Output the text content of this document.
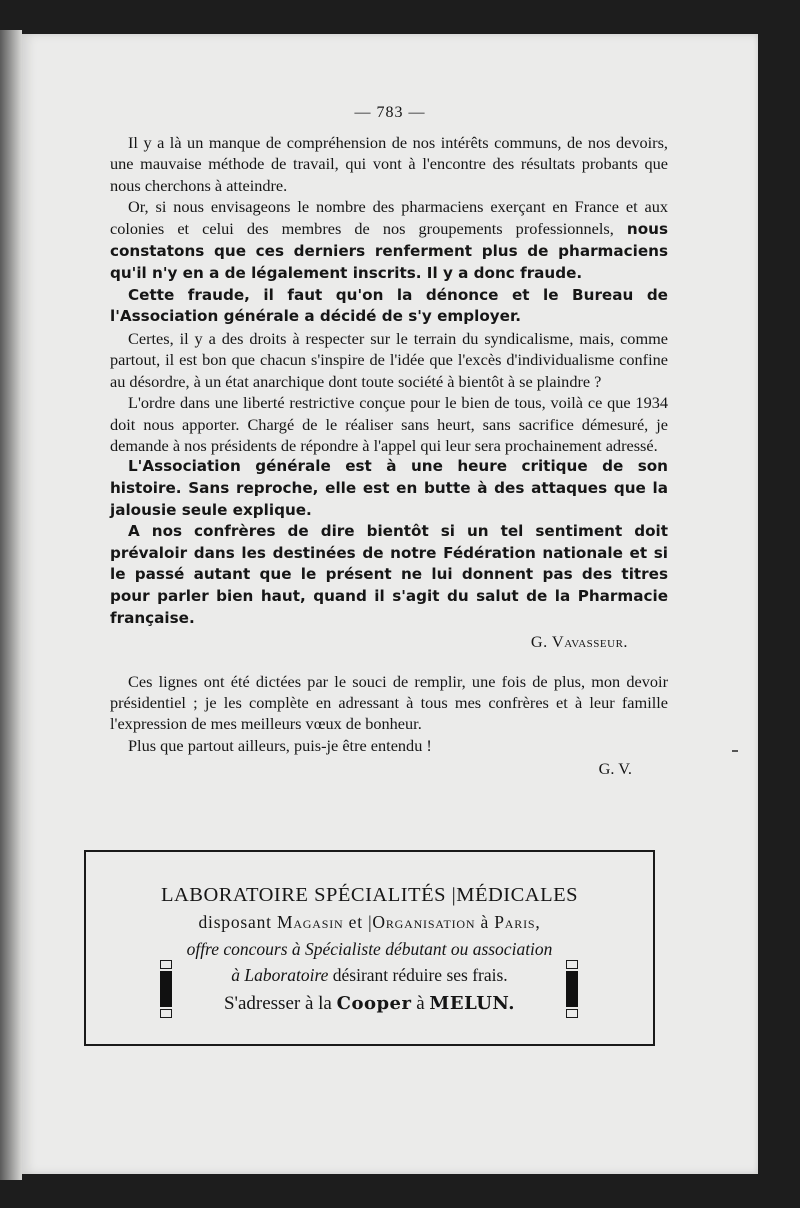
— 783 —

Il y a là un manque de compréhension de nos intérêts communs, de nos devoirs, une mauvaise méthode de travail, qui vont à l'encontre des résultats probants que nous cherchons à atteindre.

Or, si nous envisageons le nombre des pharmaciens exerçant en France et aux colonies et celui des membres de nos groupements professionnels, nous constatons que ces derniers renferment plus de pharmaciens qu'il n'y en a de légalement inscrits. Il y a donc fraude.

Cette fraude, il faut qu'on la dénonce et le Bureau de l'Association générale a décidé de s'y employer.

Certes, il y a des droits à respecter sur le terrain du syndicalisme, mais, comme partout, il est bon que chacun s'inspire de l'idée que l'excès d'individualisme confine au désordre, à un état anarchique dont toute société à bientôt à se plaindre ?

L'ordre dans une liberté restrictive conçue pour le bien de tous, voilà ce que 1934 doit nous apporter. Chargé de le réaliser sans heurt, sans sacrifice démesuré, je demande à nos présidents de répondre à l'appel qui leur sera prochainement adressé.

L'Association générale est à une heure critique de son histoire. Sans reproche, elle est en butte à des attaques que la jalousie seule explique.

A nos confrères de dire bientôt si un tel sentiment doit prévaloir dans les destinées de notre Fédération nationale et si le passé autant que le présent ne lui donnent pas des titres pour parler bien haut, quand il s'agit du salut de la Pharmacie française.

G. Vavasseur.

Ces lignes ont été dictées par le souci de remplir, une fois de plus, mon devoir présidentiel ; je les complète en adressant à tous mes confrères et à leur famille l'expression de mes meilleurs vœux de bonheur.

Plus que partout ailleurs, puis-je être entendu !

G. V.
LABORATOIRE SPÉCIALITÉS |MÉDICALES
disposant Magasin et |Organisation à Paris,
offre concours à Spécialiste débutant ou association
à Laboratoire désirant réduire ses frais.
S'adresser à la Cooper à MELUN.
